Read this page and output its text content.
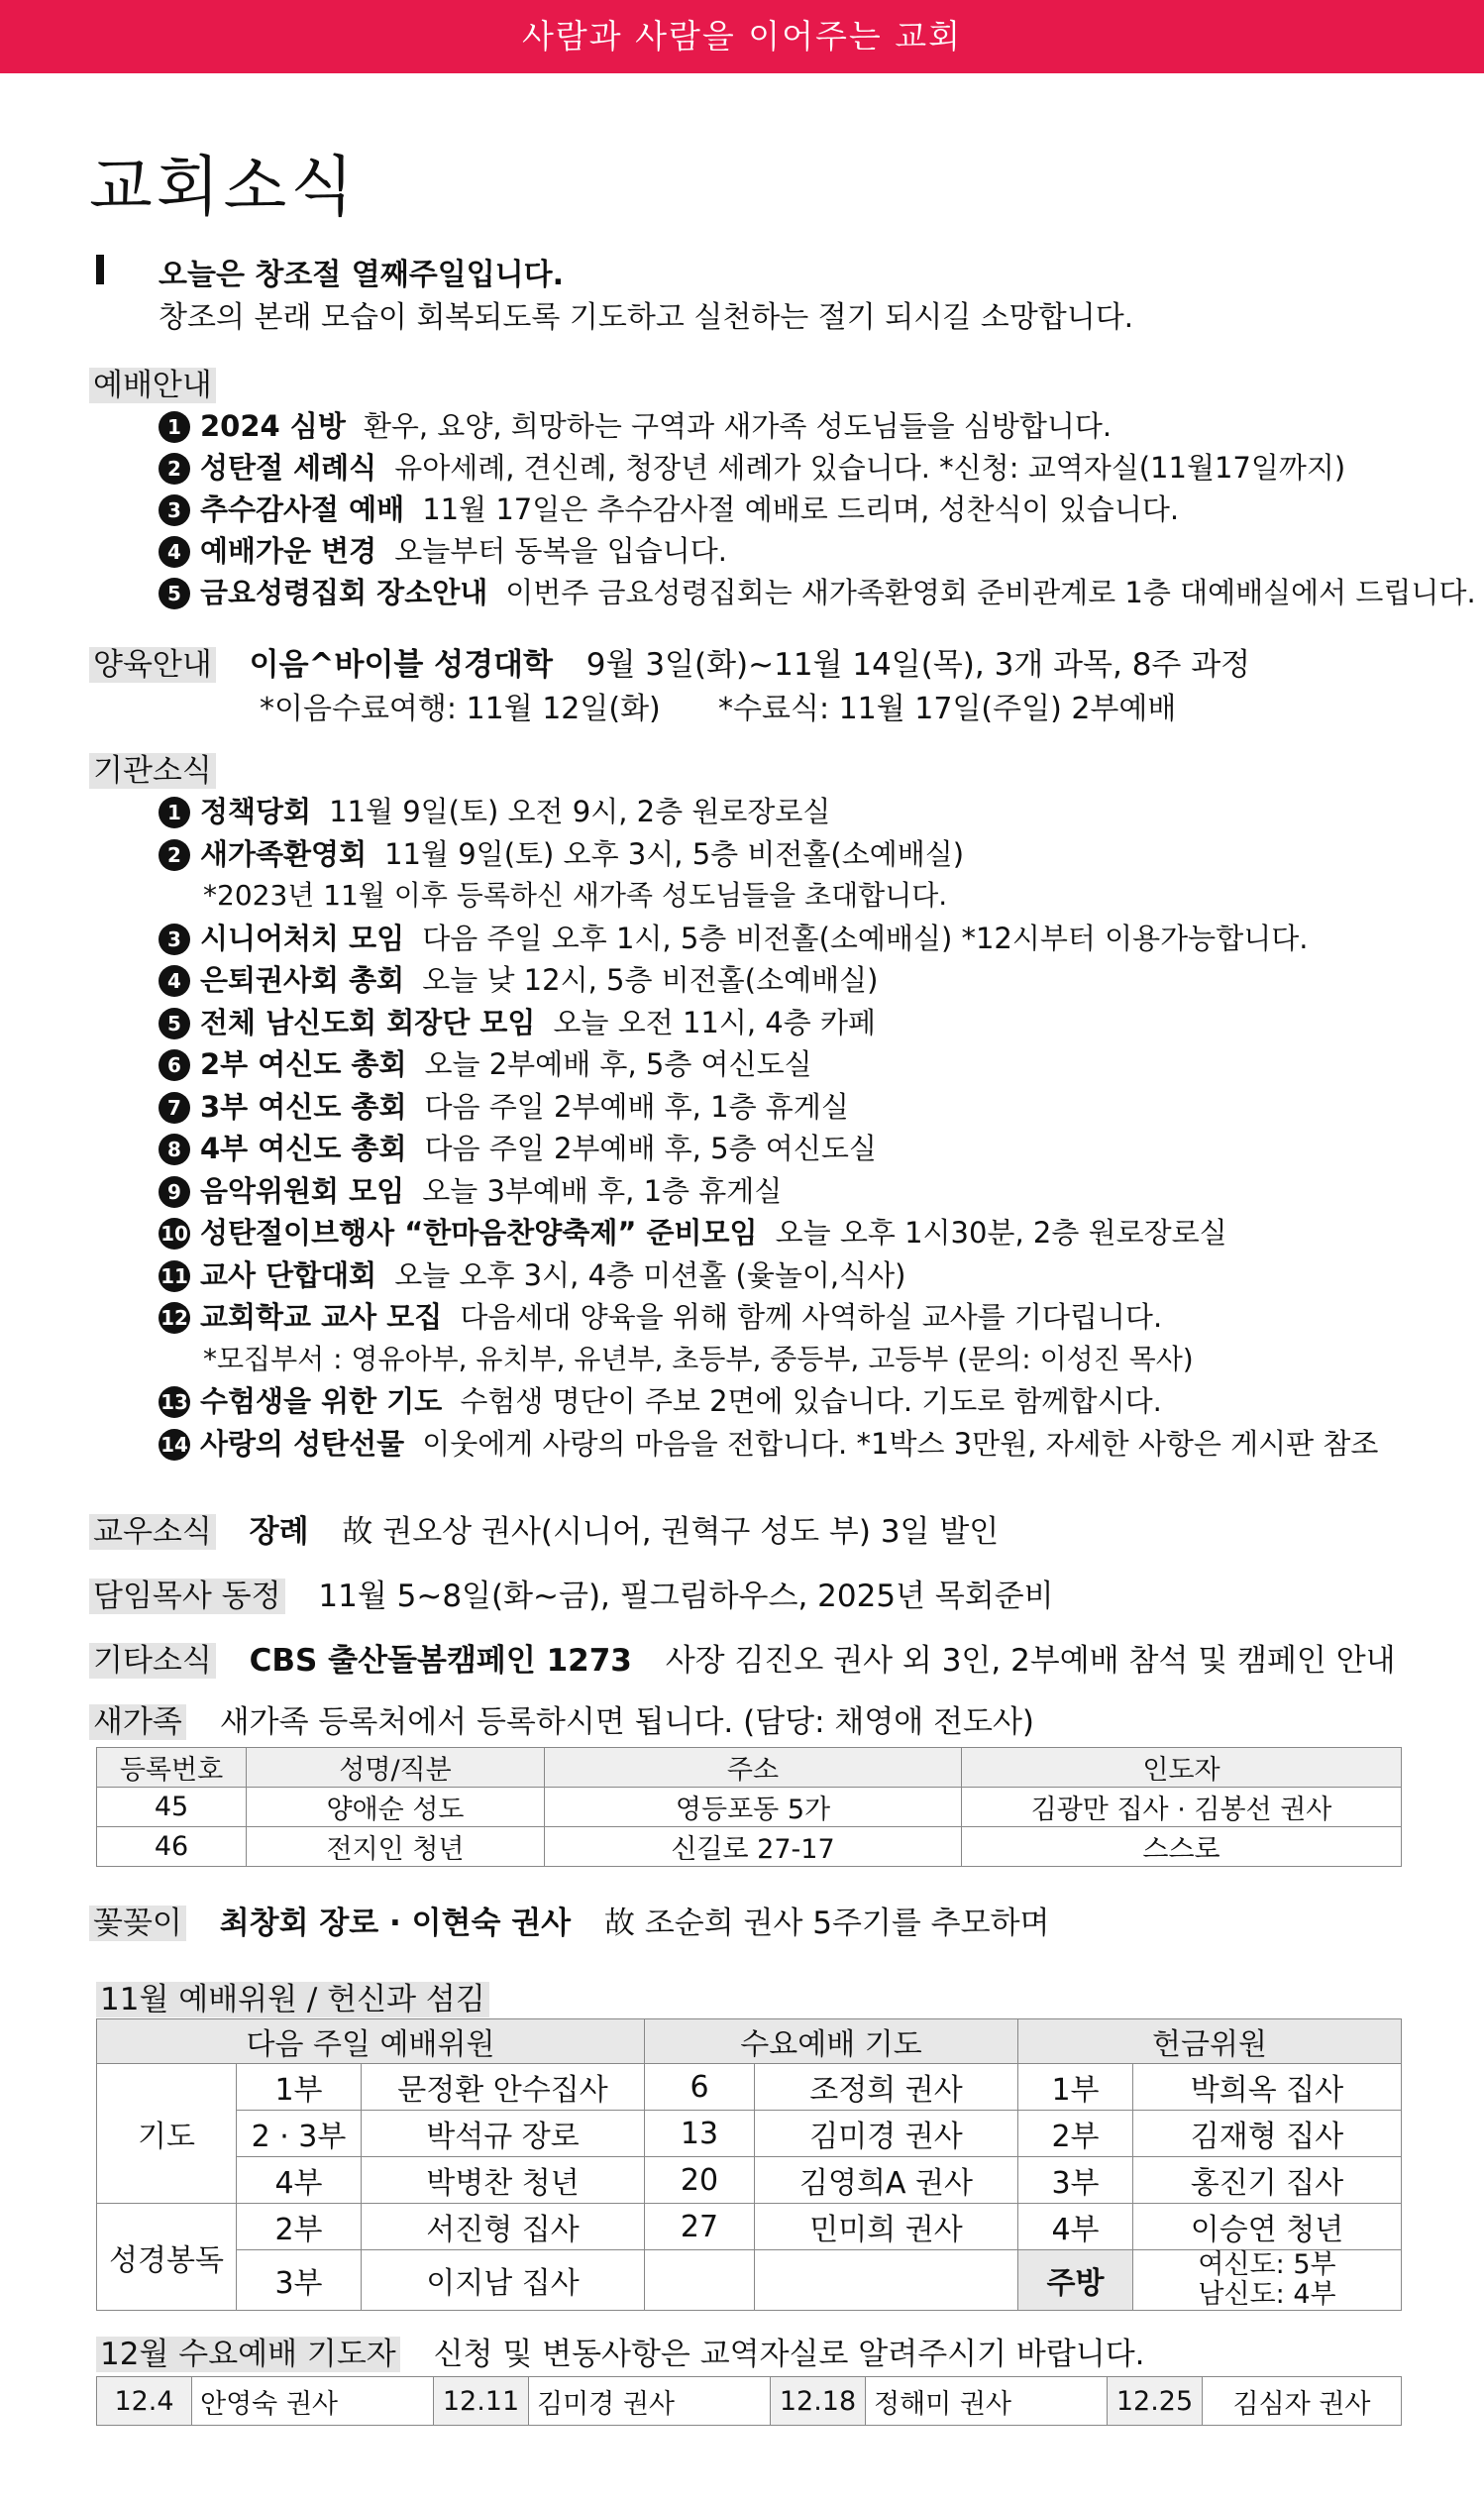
사람과 사람을 이어주는 교회
교회소식
오늘은 창조절 열째주일입니다.
창조의 본래 모습이 회복되도록 기도하고 실천하는 절기 되시길 소망합니다.
예배안내
1 2024 심방 환우, 요양, 희망하는 구역과 새가족 성도님들을 심방합니다.
2 성탄절 세례식 유아세례, 견신례, 청장년 세례가 있습니다. *신청: 교역자실(11월17일까지)
3 추수감사절 예배 11월 17일은 추수감사절 예배로 드리며, 성찬식이 있습니다.
4 예배가운 변경 오늘부터 동복을 입습니다.
5 금요성령집회 장소안내 이번주 금요성령집회는 새가족환영회 준비관계로 1층 대예배실에서 드립니다.
양육안내 이음^바이블 성경대학 9월 3일(화)~11월 14일(목), 3개 과목, 8주 과정
*이음수료여행: 11월 12일(화) *수료식: 11월 17일(주일) 2부예배
기관소식
1 정책당회 11월 9일(토) 오전 9시, 2층 원로장로실
2 새가족환영회 11월 9일(토) 오후 3시, 5층 비전홀(소예배실)
*2023년 11월 이후 등록하신 새가족 성도님들을 초대합니다.
3 시니어처치 모임 다음 주일 오후 1시, 5층 비전홀(소예배실) *12시부터 이용가능합니다.
4 은퇴권사회 총회 오늘 낮 12시, 5층 비전홀(소예배실)
5 전체 남신도회 회장단 모임 오늘 오전 11시, 4층 카페
6 2부 여신도 총회 오늘 2부예배 후, 5층 여신도실
7 3부 여신도 총회 다음 주일 2부예배 후, 1층 휴게실
8 4부 여신도 총회 다음 주일 2부예배 후, 5층 여신도실
9 음악위원회 모임 오늘 3부예배 후, 1층 휴게실
10 성탄절이브행사 “한마음찬양축제” 준비모임 오늘 오후 1시30분, 2층 원로장로실
11 교사 단합대회 오늘 오후 3시, 4층 미션홀 (윷놀이,식사)
12 교회학교 교사 모집 다음세대 양육을 위해 함께 사역하실 교사를 기다립니다.
*모집부서 : 영유아부, 유치부, 유년부, 초등부, 중등부, 고등부 (문의: 이성진 목사)
13 수험생을 위한 기도 수험생 명단이 주보 2면에 있습니다. 기도로 함께합시다.
14 사랑의 성탄선물 이웃에게 사랑의 마음을 전합니다. *1박스 3만원, 자세한 사항은 게시판 참조
교우소식 장례 故 권오상 권사(시니어, 권혁구 성도 부) 3일 발인
담임목사 동정 11월 5~8일(화~금), 필그림하우스, 2025년 목회준비
기타소식 CBS 출산돌봄캠페인 1273 사장 김진오 권사 외 3인, 2부예배 참석 및 캠페인 안내
새가족 새가족 등록처에서 등록하시면 됩니다. (담당: 채영애 전도사)
등록번호	성명/직분	주소	인도자
45	양애순 성도	영등포동 5가	김광만 집사 · 김봉선 권사
46	전지인 청년	신길로 27-17	스스로
꽃꽂이 최창회 장로 · 이현숙 권사 故 조순희 권사 5주기를 추모하며
11월 예배위원 / 헌신과 섬김
다음 주일 예배위원			수요예배 기도		헌금위원	
기도	1부	문정환 안수집사	6	조정희 권사	1부	박희옥 집사
	2 · 3부	박석규 장로	13	김미경 권사	2부	김재형 집사
	4부	박병찬 청년	20	김영희A 권사	3부	홍진기 집사
성경봉독	2부	서진형 집사	27	민미희 권사	4부	이승연 청년
	3부	이지남 집사			주방	여신도: 5부
남신도: 4부
12월 수요예배 기도자 신청 및 변동사항은 교역자실로 알려주시기 바랍니다.
12.4	안영숙 권사	12.11	김미경 권사	12.18	정해미 권사	12.25	김심자 권사
